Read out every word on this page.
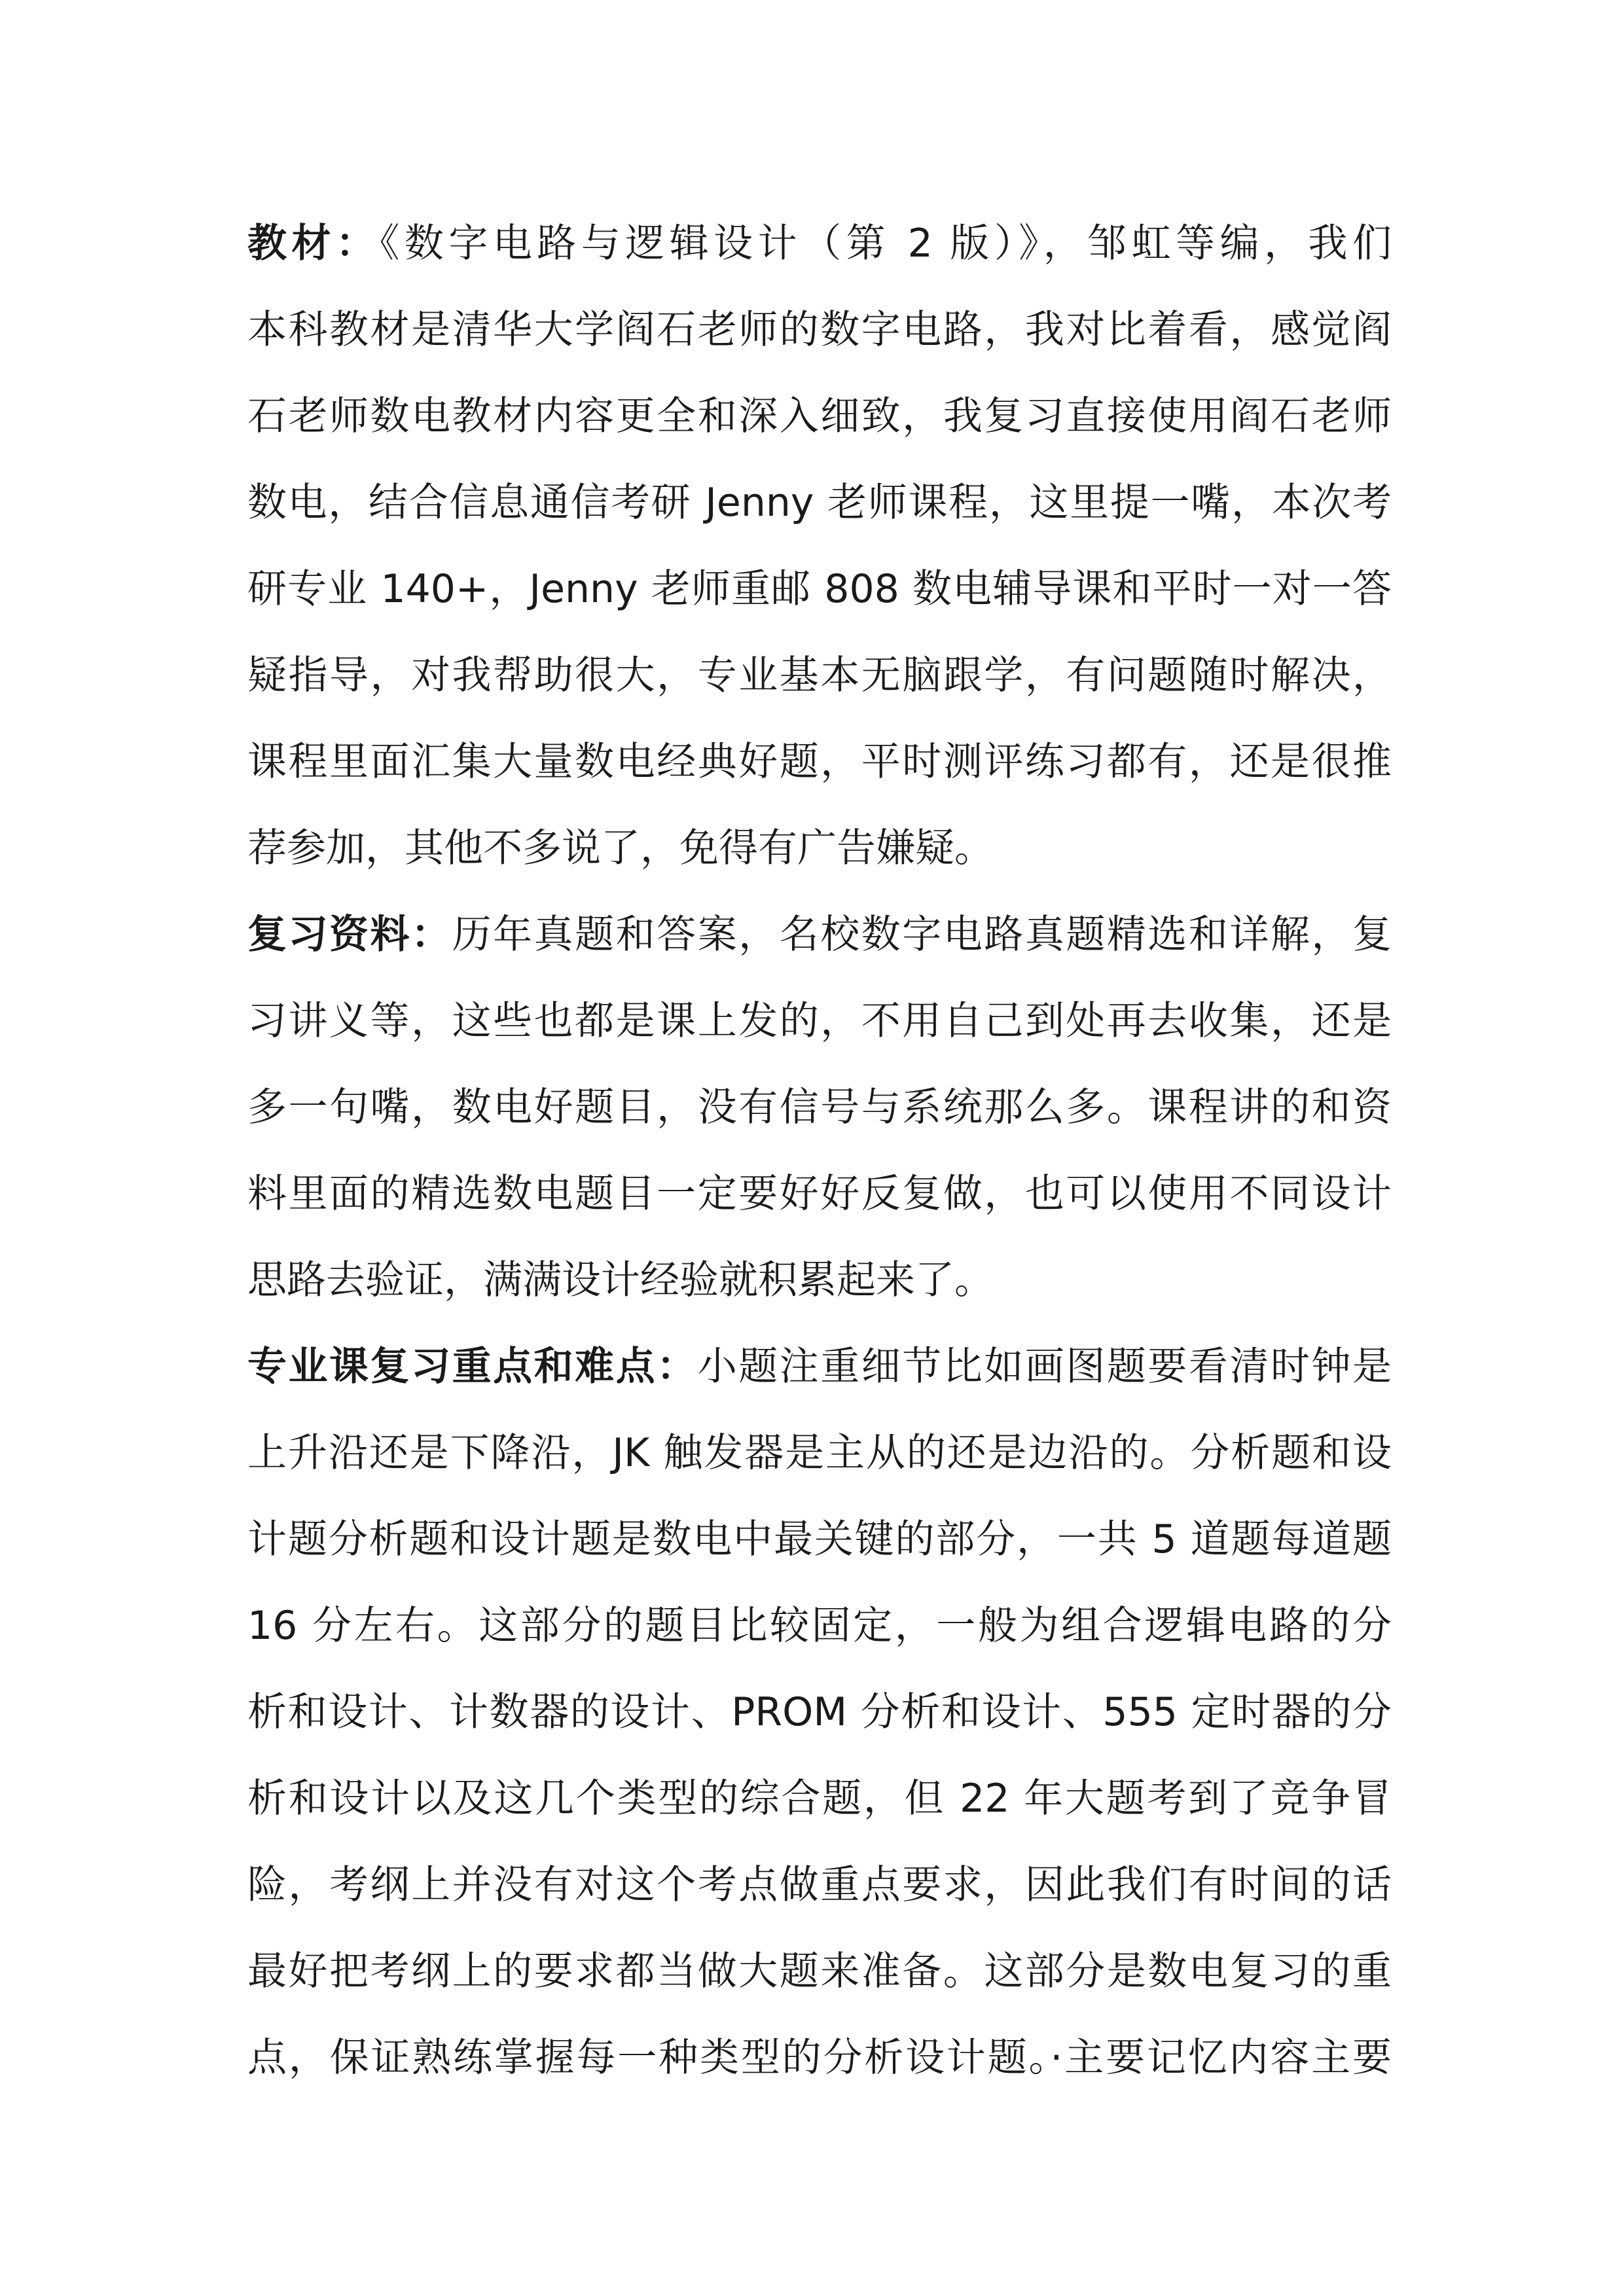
教材：《数字电路与逻辑设计（第 2 版）》，邹虹等编，我们
本科教材是清华大学阎石老师的数字电路，我对比着看，感觉阎
石老师数电教材内容更全和深入细致，我复习直接使用阎石老师
数电，结合信息通信考研 Jenny 老师课程，这里提一嘴，本次考
研专业 140+，Jenny 老师重邮 808 数电辅导课和平时一对一答
疑指导，对我帮助很大，专业基本无脑跟学，有问题随时解决，
课程里面汇集大量数电经典好题，平时测评练习都有，还是很推
荐参加，其他不多说了，免得有广告嫌疑。
复习资料：历年真题和答案，名校数字电路真题精选和详解，复
习讲义等，这些也都是课上发的，不用自己到处再去收集，还是
多一句嘴，数电好题目，没有信号与系统那么多。课程讲的和资
料里面的精选数电题目一定要好好反复做，也可以使用不同设计
思路去验证，满满设计经验就积累起来了。
专业课复习重点和难点：小题注重细节比如画图题要看清时钟是
上升沿还是下降沿，JK 触发器是主从的还是边沿的。分析题和设
计题分析题和设计题是数电中最关键的部分，一共 5 道题每道题
16 分左右。这部分的题目比较固定，一般为组合逻辑电路的分
析和设计、计数器的设计、PROM 分析和设计、555 定时器的分
析和设计以及这几个类型的综合题，但 22 年大题考到了竞争冒
险，考纲上并没有对这个考点做重点要求，因此我们有时间的话
最好把考纲上的要求都当做大题来准备。这部分是数电复习的重
点，保证熟练掌握每一种类型的分析设计题。·主要记忆内容主要
